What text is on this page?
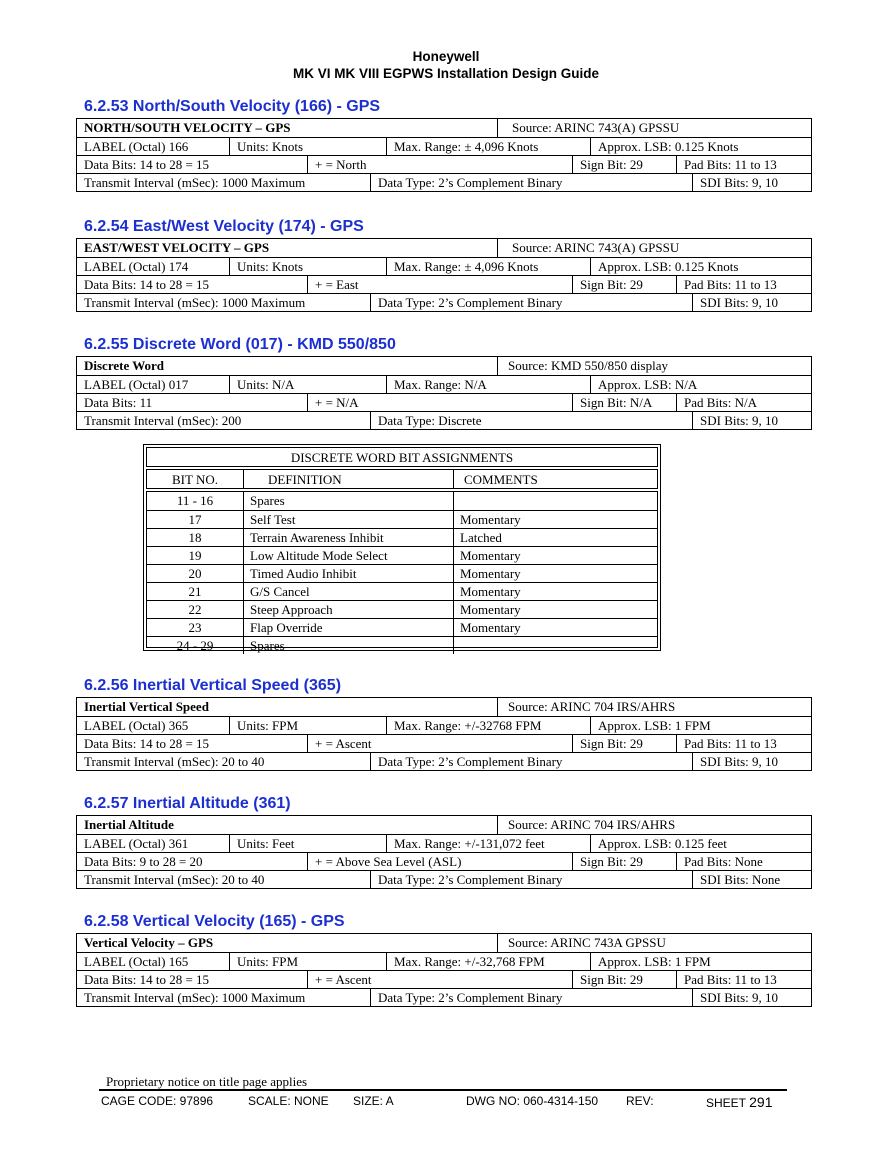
Honeywell
MK VI MK VIII EGPWS Installation Design Guide
6.2.53 North/South Velocity (166) - GPS
NORTH/SOUTH VELOCITY – GPS	Source: ARINC 743(A) GPSSU
LABEL (Octal) 166	Units: Knots	Max. Range: ± 4,096 Knots	Approx. LSB: 0.125 Knots
Data Bits: 14 to 28 = 15	+ = North	Sign Bit: 29	Pad Bits: 11 to 13
Transmit Interval (mSec): 1000 Maximum	Data Type: 2’s Complement Binary	SDI Bits: 9, 10
6.2.54 East/West Velocity (174) - GPS
EAST/WEST VELOCITY – GPS	Source: ARINC 743(A) GPSSU
LABEL (Octal) 174	Units: Knots	Max. Range: ± 4,096 Knots	Approx. LSB: 0.125 Knots
Data Bits: 14 to 28 = 15	+ = East	Sign Bit: 29	Pad Bits: 11 to 13
Transmit Interval (mSec): 1000 Maximum	Data Type: 2’s Complement Binary	SDI Bits: 9, 10
6.2.55 Discrete Word (017) - KMD 550/850
Discrete Word	Source: KMD 550/850 display
LABEL (Octal) 017	Units: N/A	Max. Range: N/A	Approx. LSB: N/A
Data Bits: 11	+ = N/A	Sign Bit: N/A	Pad Bits: N/A
Transmit Interval (mSec): 200	Data Type: Discrete	SDI Bits: 9, 10
DISCRETE WORD BIT ASSIGNMENTS
BIT NO.	DEFINITION	COMMENTS
11 - 16	Spares
17	Self Test	Momentary
18	Terrain Awareness Inhibit	Latched
19	Low Altitude Mode Select	Momentary
20	Timed Audio Inhibit	Momentary
21	G/S Cancel	Momentary
22	Steep Approach	Momentary
23	Flap Override	Momentary
24 - 29	Spares
6.2.56 Inertial Vertical Speed (365)
Inertial Vertical Speed	Source: ARINC 704 IRS/AHRS
LABEL (Octal) 365	Units: FPM	Max. Range: +/-32768 FPM	Approx. LSB: 1 FPM
Data Bits: 14 to 28 = 15	+ = Ascent	Sign Bit: 29	Pad Bits: 11 to 13
Transmit Interval (mSec): 20 to 40	Data Type: 2’s Complement Binary	SDI Bits: 9, 10
6.2.57 Inertial Altitude (361)
Inertial Altitude	Source: ARINC 704 IRS/AHRS
LABEL (Octal) 361	Units: Feet	Max. Range: +/-131,072 feet	Approx. LSB: 0.125 feet
Data Bits: 9 to 28 = 20	+ = Above Sea Level (ASL)	Sign Bit: 29	Pad Bits: None
Transmit Interval (mSec): 20 to 40	Data Type: 2’s Complement Binary	SDI Bits: None
6.2.58 Vertical Velocity (165) - GPS
Vertical Velocity – GPS	Source: ARINC 743A GPSSU
LABEL (Octal) 165	Units: FPM	Max. Range: +/-32,768 FPM	Approx. LSB: 1 FPM
Data Bits: 14 to 28 = 15	+ = Ascent	Sign Bit: 29	Pad Bits: 11 to 13
Transmit Interval (mSec): 1000 Maximum	Data Type: 2’s Complement Binary	SDI Bits: 9, 10
Proprietary notice on title page applies
CAGE CODE: 97896	SCALE: NONE SIZE: A	DWG NO: 060-4314-150 REV:	SHEET 291
